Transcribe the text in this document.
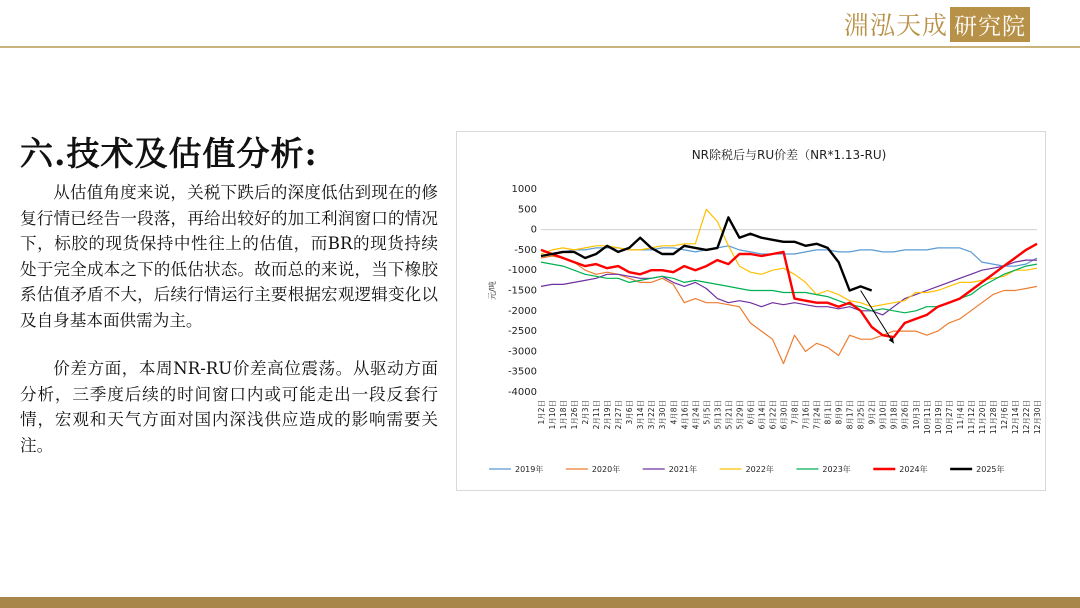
淵泓天成 研究院
六.技术及估值分析:

从估值角度来说，关税下跌后的深度低估到现在的修复行情已经告一段落，再给出较好的加工利润窗口的情况下，标胶的现货保持中性往上的估值，而BR的现货持续处于完全成本之下的低估状态。故而总的来说，当下橡胶系估值矛盾不大，后续行情运行主要根据宏观逻辑变化以及自身基本面供需为主。

价差方面，本周NR-RU价差高位震荡。从驱动方面分析，三季度后续的时间窗口内或可能走出一段反套行情，宏观和天气方面对国内深浅供应造成的影响需要关注。

NR除税后与RU价差（NR*1.13-RU)
1000
500
0
-500
-1000
-1500
-2000
-2500
-3000
-3500
-4000
元/吨
1月2日 1月10日 1月18日 1月26日 2月3日 2月11日 2月19日 2月27日 3月6日 3月14日 3月22日 3月30日 4月8日 4月16日 4月24日 5月5日 5月13日 5月21日 5月29日 6月6日 6月14日 6月22日 6月30日 7月8日 7月16日 7月24日 8月1日 8月9日 8月17日 8月25日 9月2日 9月10日 9月18日 9月26日 10月3日 10月11日 10月19日 10月27日 11月4日 11月12日 11月20日 11月28日 12月6日 12月14日 12月22日 12月30日
2019年	2020年	2021年	2022年	2023年	2024年	2025年
